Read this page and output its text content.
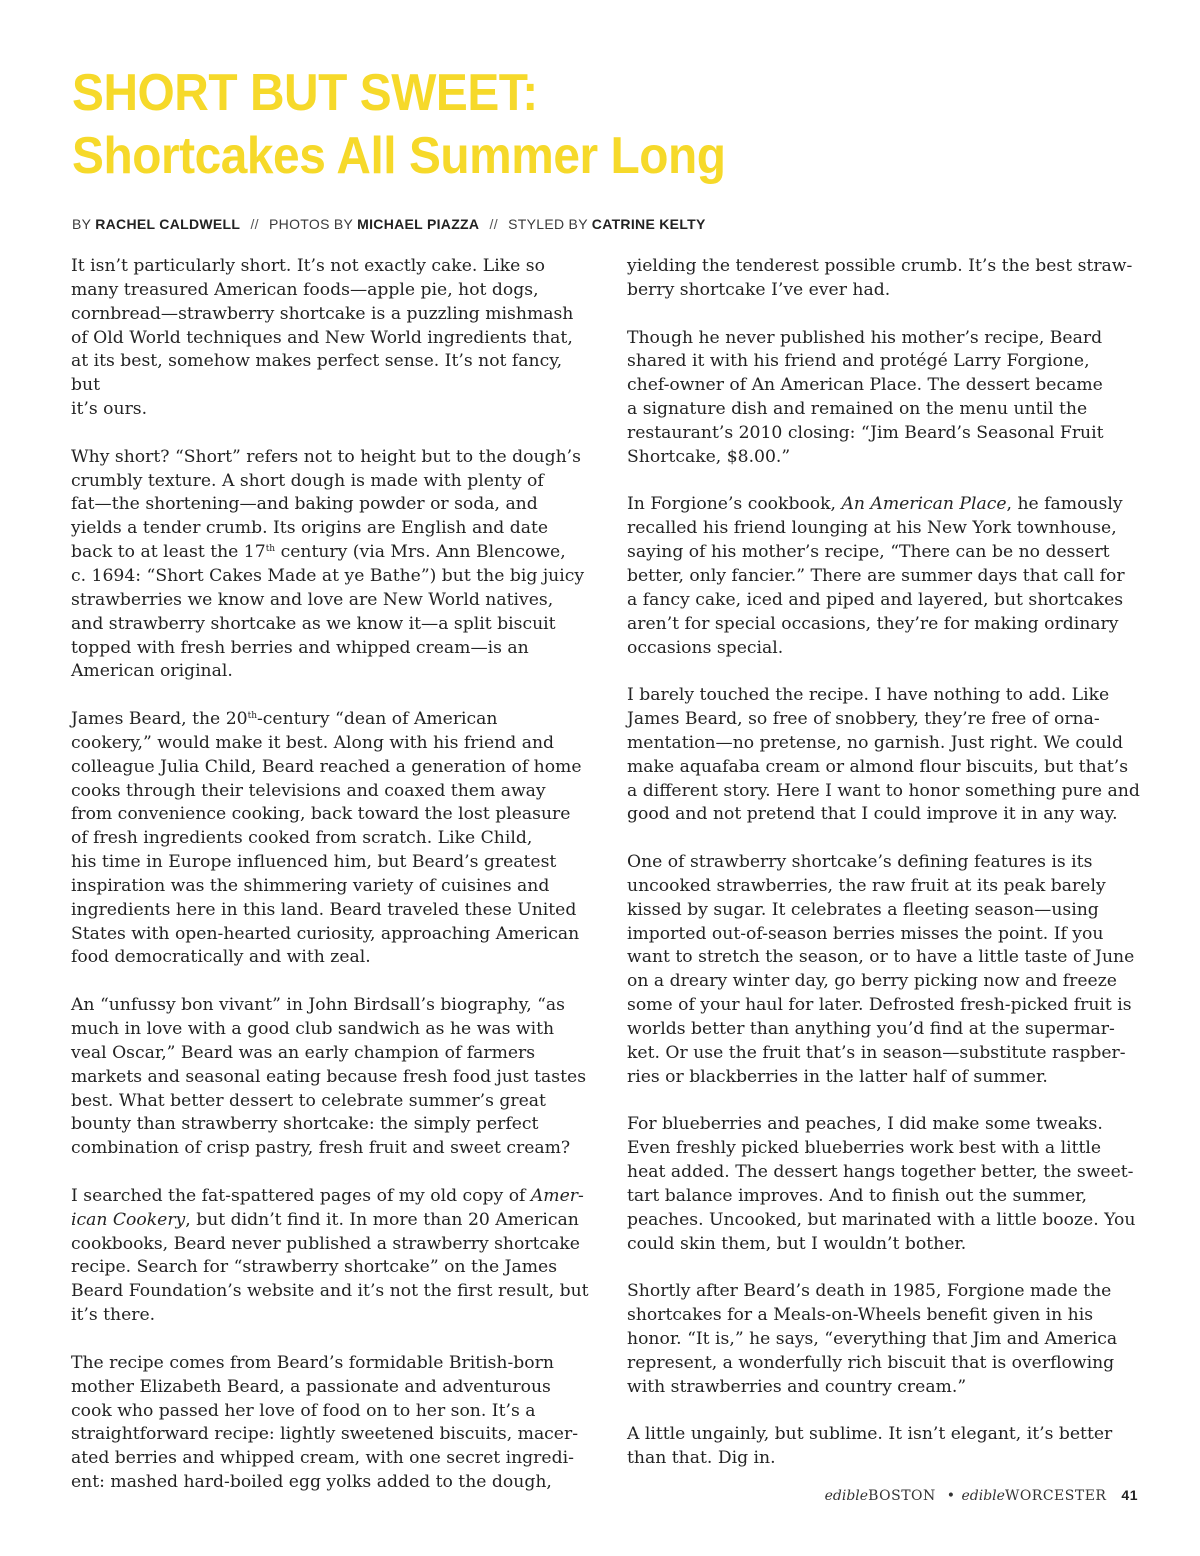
SHORT BUT SWEET:
Shortcakes All Summer Long
BY RACHEL CALDWELL // PHOTOS BY MICHAEL PIAZZA // STYLED BY CATRINE KELTY

It isn’t particularly short. It’s not exactly cake. Like so
many treasured American foods—apple pie, hot dogs,
cornbread—strawberry shortcake is a puzzling mishmash
of Old World techniques and New World ingredients that,
at its best, somehow makes perfect sense. It’s not fancy, but
it’s ours.

Why short? “Short” refers not to height but to the dough’s
crumbly texture. A short dough is made with plenty of
fat—the shortening—and baking powder or soda, and
yields a tender crumb. Its origins are English and date
back to at least the 17th century (via Mrs. Ann Blencowe,
c. 1694: “Short Cakes Made at ye Bathe”) but the big juicy
strawberries we know and love are New World natives,
and strawberry shortcake as we know it—a split biscuit
topped with fresh berries and whipped cream—is an
American original.

James Beard, the 20th-century “dean of American
cookery,” would make it best. Along with his friend and
colleague Julia Child, Beard reached a generation of home
cooks through their televisions and coaxed them away
from convenience cooking, back toward the lost pleasure
of fresh ingredients cooked from scratch. Like Child,
his time in Europe influenced him, but Beard’s greatest
inspiration was the shimmering variety of cuisines and
ingredients here in this land. Beard traveled these United
States with open-hearted curiosity, approaching American
food democratically and with zeal.

An “unfussy bon vivant” in John Birdsall’s biography, “as
much in love with a good club sandwich as he was with
veal Oscar,” Beard was an early champion of farmers
markets and seasonal eating because fresh food just tastes
best. What better dessert to celebrate summer’s great
bounty than strawberry shortcake: the simply perfect
combination of crisp pastry, fresh fruit and sweet cream?

I searched the fat-spattered pages of my old copy of Amer-
ican Cookery, but didn’t find it. In more than 20 American
cookbooks, Beard never published a strawberry shortcake
recipe. Search for “strawberry shortcake” on the James
Beard Foundation’s website and it’s not the first result, but
it’s there.

The recipe comes from Beard’s formidable British-born
mother Elizabeth Beard, a passionate and adventurous
cook who passed her love of food on to her son. It’s a
straightforward recipe: lightly sweetened biscuits, macer-
ated berries and whipped cream, with one secret ingredi-
ent: mashed hard-boiled egg yolks added to the dough,

yielding the tenderest possible crumb. It’s the best straw-
berry shortcake I’ve ever had.

Though he never published his mother’s recipe, Beard
shared it with his friend and protégé Larry Forgione,
chef-owner of An American Place. The dessert became
a signature dish and remained on the menu until the
restaurant’s 2010 closing: “Jim Beard’s Seasonal Fruit
Shortcake, $8.00.”

In Forgione’s cookbook, An American Place, he famously
recalled his friend lounging at his New York townhouse,
saying of his mother’s recipe, “There can be no dessert
better, only fancier.” There are summer days that call for
a fancy cake, iced and piped and layered, but shortcakes
aren’t for special occasions, they’re for making ordinary
occasions special.

I barely touched the recipe. I have nothing to add. Like
James Beard, so free of snobbery, they’re free of orna-
mentation—no pretense, no garnish. Just right. We could
make aquafaba cream or almond flour biscuits, but that’s
a different story. Here I want to honor something pure and
good and not pretend that I could improve it in any way.

One of strawberry shortcake’s defining features is its
uncooked strawberries, the raw fruit at its peak barely
kissed by sugar. It celebrates a fleeting season—using
imported out-of-season berries misses the point. If you
want to stretch the season, or to have a little taste of June
on a dreary winter day, go berry picking now and freeze
some of your haul for later. Defrosted fresh-picked fruit is
worlds better than anything you’d find at the supermar-
ket. Or use the fruit that’s in season—substitute raspber-
ries or blackberries in the latter half of summer.

For blueberries and peaches, I did make some tweaks.
Even freshly picked blueberries work best with a little
heat added. The dessert hangs together better, the sweet-
tart balance improves. And to finish out the summer,
peaches. Uncooked, but marinated with a little booze. You
could skin them, but I wouldn’t bother.

Shortly after Beard’s death in 1985, Forgione made the
shortcakes for a Meals-on-Wheels benefit given in his
honor. “It is,” he says, “everything that Jim and America
represent, a wonderfully rich biscuit that is overflowing
with strawberries and country cream.”

A little ungainly, but sublime. It isn’t elegant, it’s better
than that. Dig in.

edibleBOSTON • edibleWORCESTER 41
